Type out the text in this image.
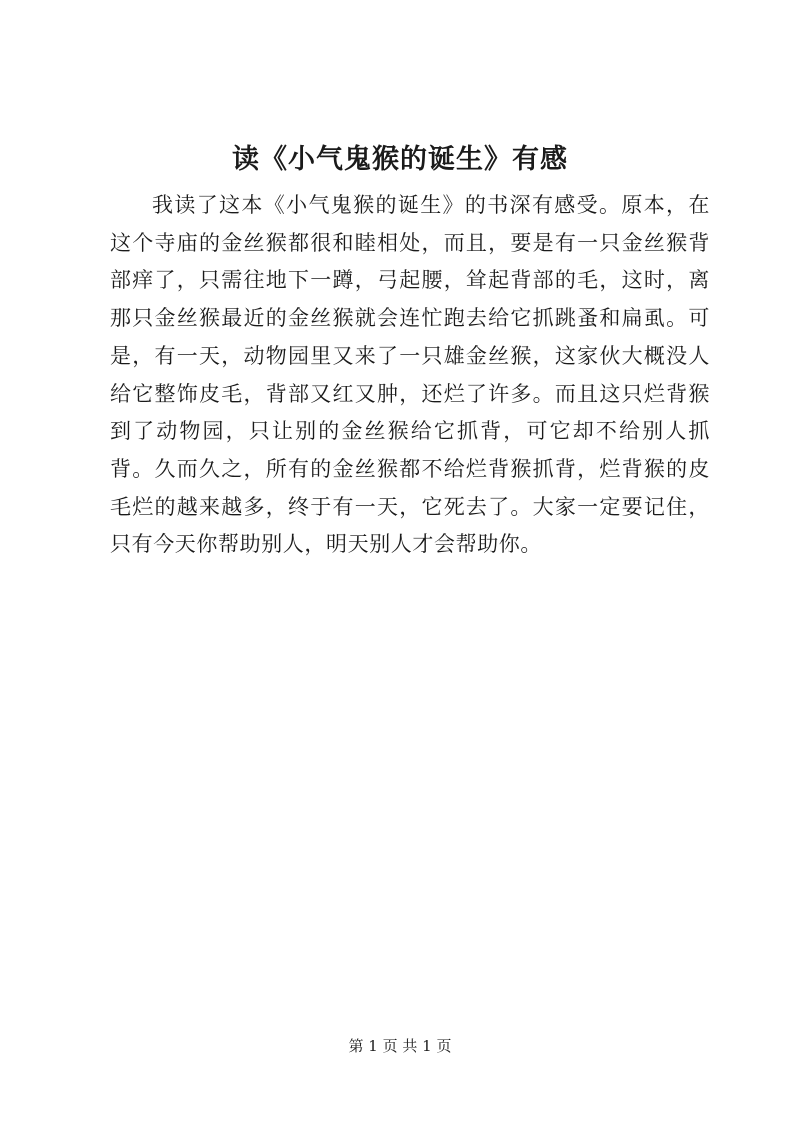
读《小气鬼猴的诞生》有感

我读了这本《小气鬼猴的诞生》的书深有感受。原本，在这个寺庙的金丝猴都很和睦相处，而且，要是有一只金丝猴背部痒了，只需往地下一蹲，弓起腰，耸起背部的毛，这时，离那只金丝猴最近的金丝猴就会连忙跑去给它抓跳蚤和扁虱。可是，有一天，动物园里又来了一只雄金丝猴，这家伙大概没人给它整饰皮毛，背部又红又肿，还烂了许多。而且这只烂背猴到了动物园，只让别的金丝猴给它抓背，可它却不给别人抓背。久而久之，所有的金丝猴都不给烂背猴抓背，烂背猴的皮毛烂的越来越多，终于有一天，它死去了。大家一定要记住，只有今天你帮助别人，明天别人才会帮助你。

第 1 页 共 1 页
